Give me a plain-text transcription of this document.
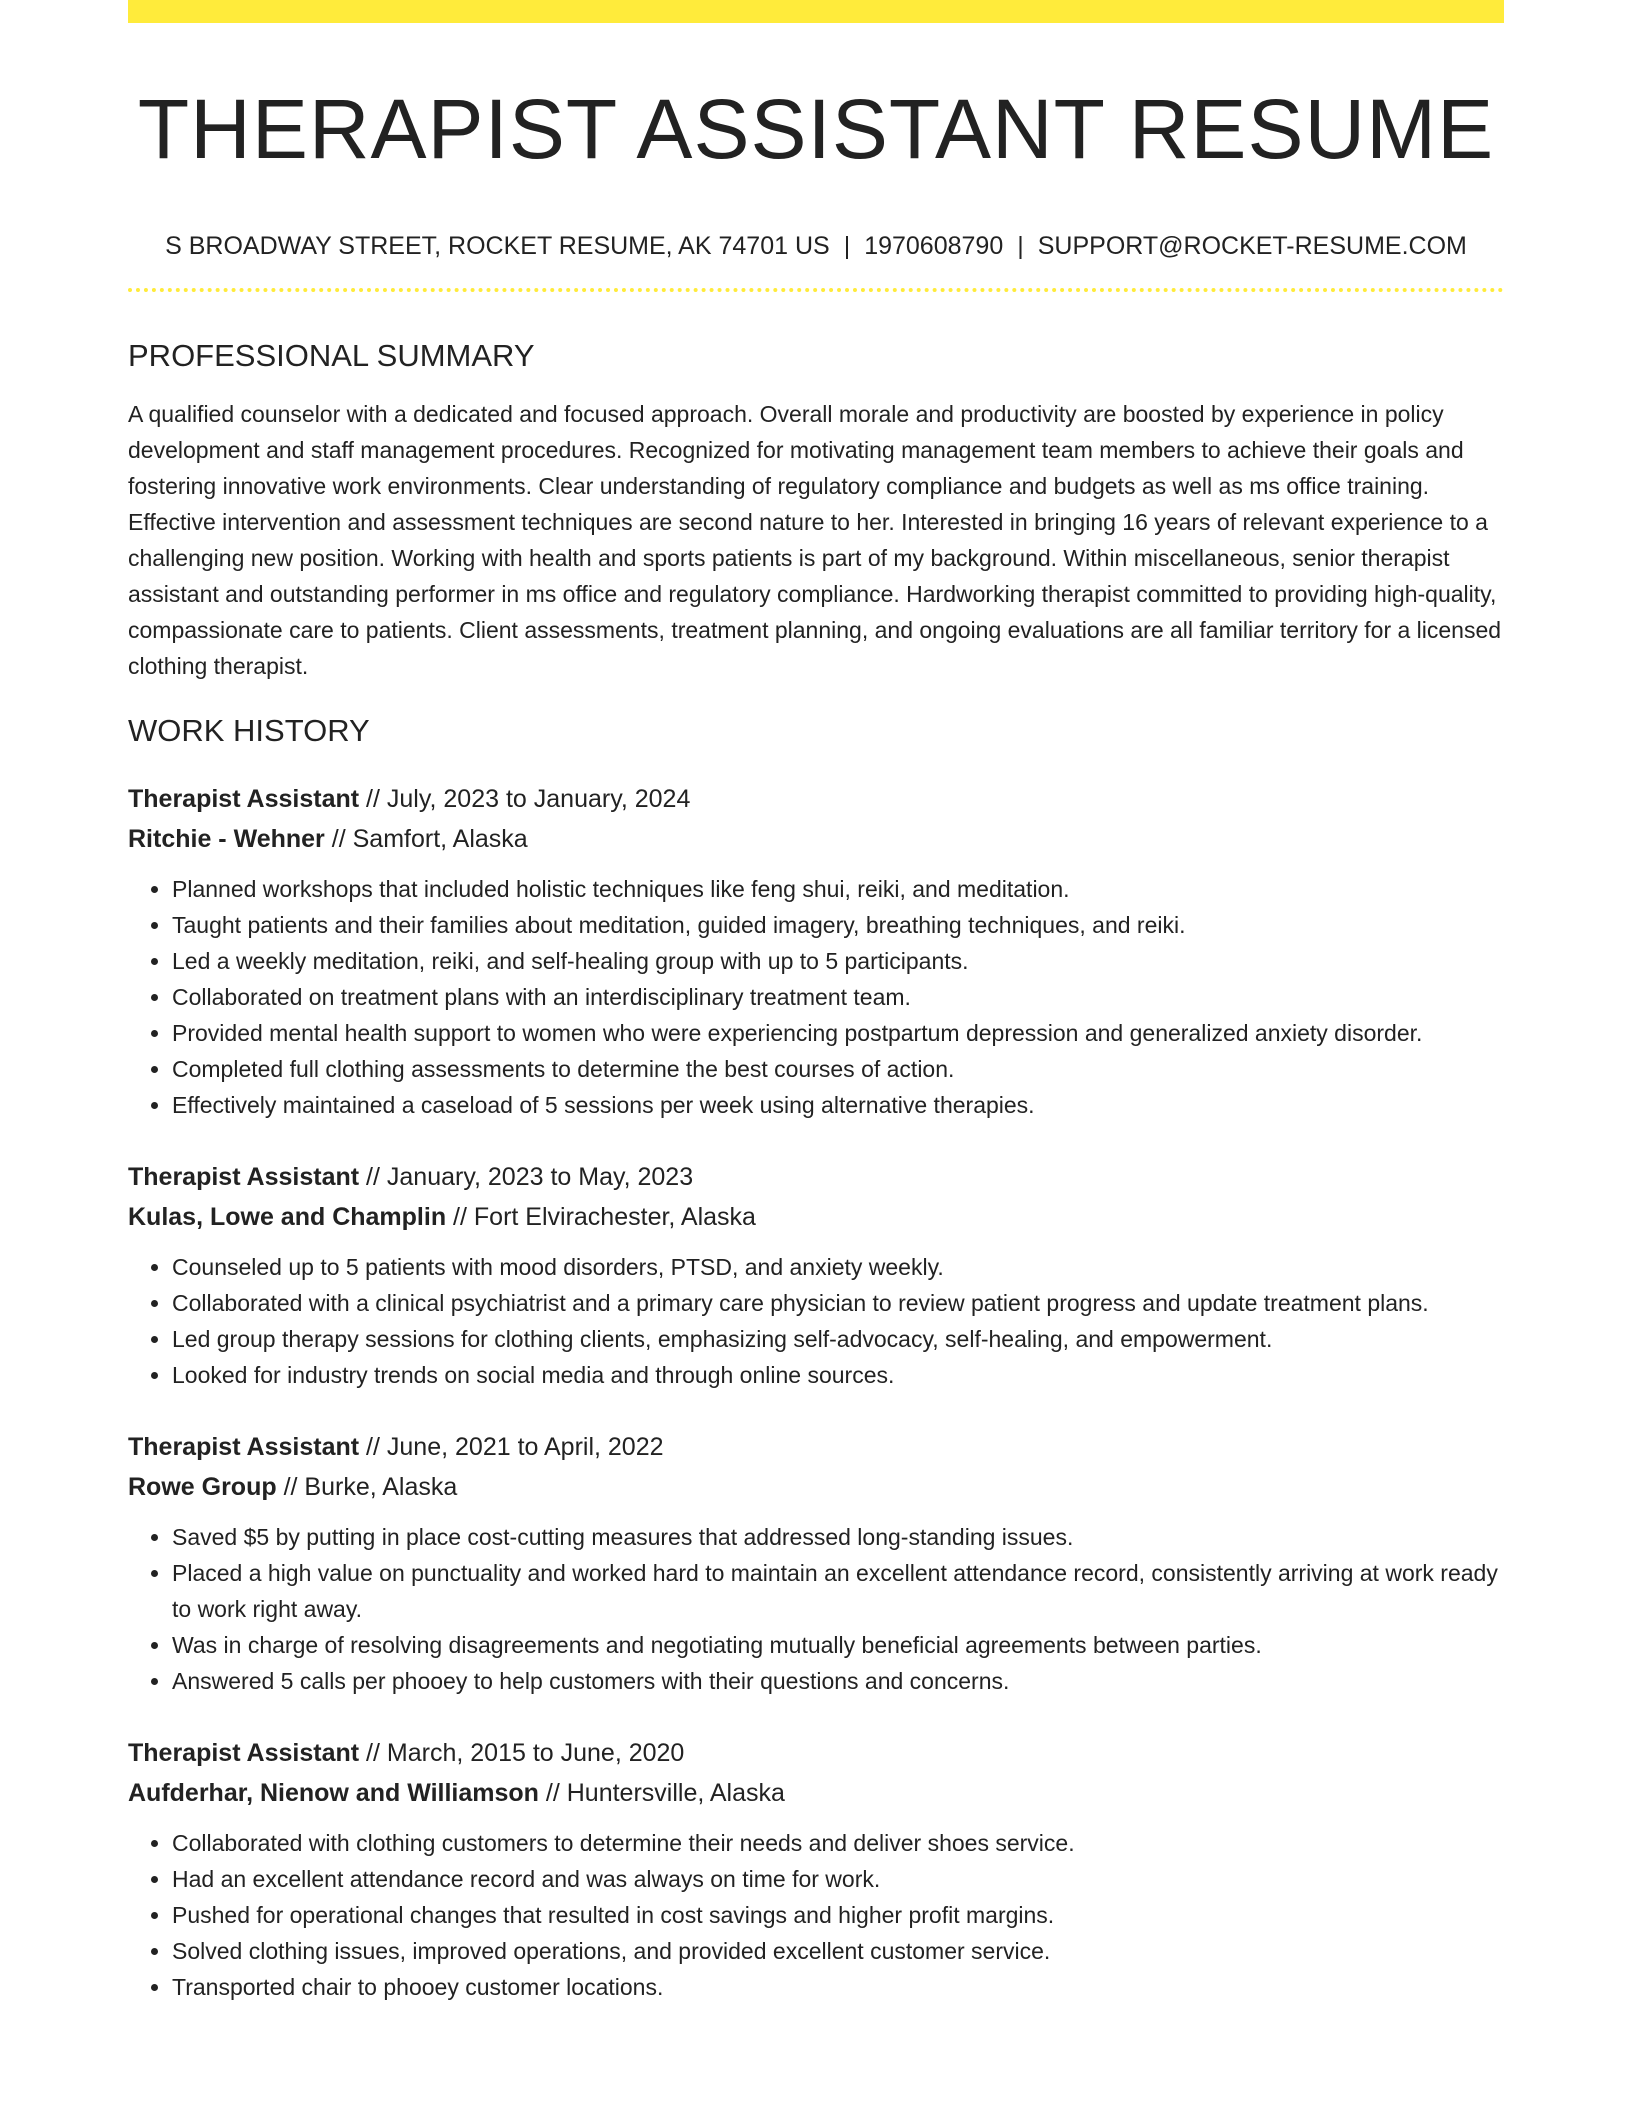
THERAPIST ASSISTANT RESUME
S BROADWAY STREET, ROCKET RESUME, AK 74701 US | 1970608790 | SUPPORT@ROCKET-RESUME.COM
PROFESSIONAL SUMMARY

A qualified counselor with a dedicated and focused approach. Overall morale and productivity are boosted by experience in policy development and staff management procedures. Recognized for motivating management team members to achieve their goals and fostering innovative work environments. Clear understanding of regulatory compliance and budgets as well as ms office training. Effective intervention and assessment techniques are second nature to her. Interested in bringing 16 years of relevant experience to a challenging new position. Working with health and sports patients is part of my background. Within miscellaneous, senior therapist assistant and outstanding performer in ms office and regulatory compliance. Hardworking therapist committed to providing high-quality, compassionate care to patients. Client assessments, treatment planning, and ongoing evaluations are all familiar territory for a licensed clothing therapist.

WORK HISTORY
Therapist Assistant // July, 2023 to January, 2024
Ritchie - Wehner // Samfort, Alaska
• Planned workshops that included holistic techniques like feng shui, reiki, and meditation.
• Taught patients and their families about meditation, guided imagery, breathing techniques, and reiki.
• Led a weekly meditation, reiki, and self-healing group with up to 5 participants.
• Collaborated on treatment plans with an interdisciplinary treatment team.
• Provided mental health support to women who were experiencing postpartum depression and generalized anxiety disorder.
• Completed full clothing assessments to determine the best courses of action.
• Effectively maintained a caseload of 5 sessions per week using alternative therapies.
Therapist Assistant // January, 2023 to May, 2023
Kulas, Lowe and Champlin // Fort Elvirachester, Alaska
• Counseled up to 5 patients with mood disorders, PTSD, and anxiety weekly.
• Collaborated with a clinical psychiatrist and a primary care physician to review patient progress and update treatment plans.
• Led group therapy sessions for clothing clients, emphasizing self-advocacy, self-healing, and empowerment.
• Looked for industry trends on social media and through online sources.
Therapist Assistant // June, 2021 to April, 2022
Rowe Group // Burke, Alaska
• Saved $5 by putting in place cost-cutting measures that addressed long-standing issues.
• Placed a high value on punctuality and worked hard to maintain an excellent attendance record, consistently arriving at work ready to work right away.
• Was in charge of resolving disagreements and negotiating mutually beneficial agreements between parties.
• Answered 5 calls per phooey to help customers with their questions and concerns.
Therapist Assistant // March, 2015 to June, 2020
Aufderhar, Nienow and Williamson // Huntersville, Alaska
• Collaborated with clothing customers to determine their needs and deliver shoes service.
• Had an excellent attendance record and was always on time for work.
• Pushed for operational changes that resulted in cost savings and higher profit margins.
• Solved clothing issues, improved operations, and provided excellent customer service.
• Transported chair to phooey customer locations.
